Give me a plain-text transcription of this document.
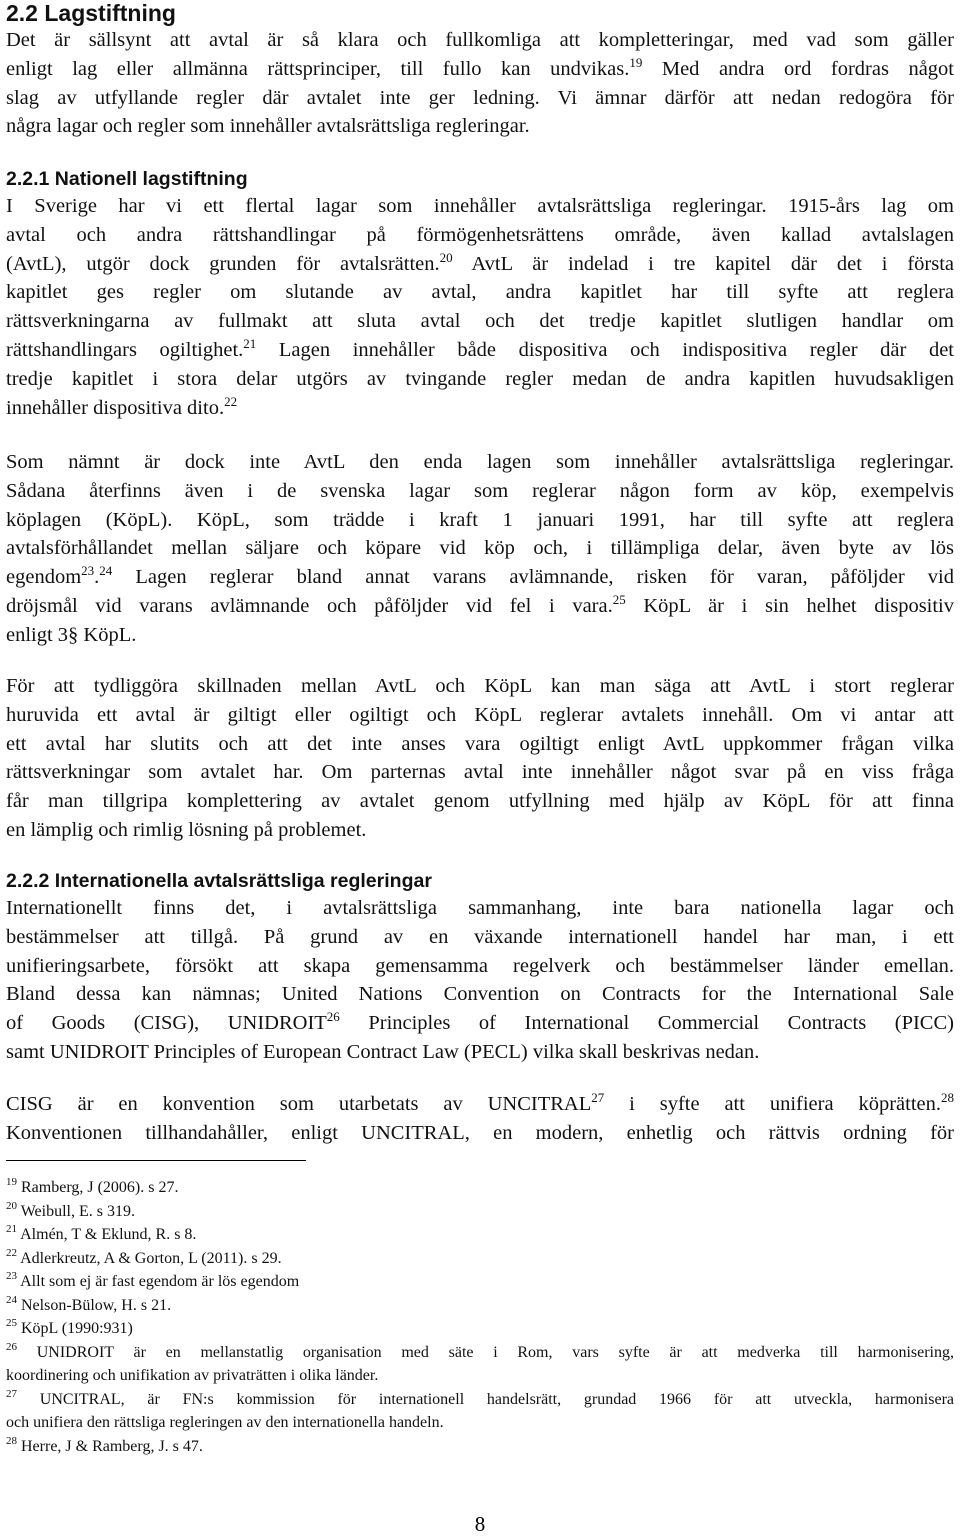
2.2 Lagstiftning
Det är sällsynt att avtal är så klara och fullkomliga att kompletteringar, med vad som gäller
enligt lag eller allmänna rättsprinciper, till fullo kan undvikas.$^{19}$ Med andra ord fordras något
slag av utfyllande regler där avtalet inte ger ledning. Vi ämnar därför att nedan redogöra för
några lagar och regler som innehåller avtalsrättsliga regleringar.
2.2.1 Nationell lagstiftning
I Sverige har vi ett flertal lagar som innehåller avtalsrättsliga regleringar. 1915-års lag om
avtal och andra rättshandlingar på förmögenhetsrättens område, även kallad avtalslagen
(AvtL), utgör dock grunden för avtalsrätten.$^{20}$ AvtL är indelad i tre kapitel där det i första
kapitlet ges regler om slutande av avtal, andra kapitlet har till syfte att reglera
rättsverkningarna av fullmakt att sluta avtal och det tredje kapitlet slutligen handlar om
rättshandlingars ogiltighet.$^{21}$ Lagen innehåller både dispositiva och indispositiva regler där det
tredje kapitlet i stora delar utgörs av tvingande regler medan de andra kapitlen huvudsakligen
innehåller dispositiva dito.$^{22}$
Som nämnt är dock inte AvtL den enda lagen som innehåller avtalsrättsliga regleringar.
Sådana återfinns även i de svenska lagar som reglerar någon form av köp, exempelvis
köplagen (KöpL). KöpL, som trädde i kraft 1 januari 1991, har till syfte att reglera
avtalsförhållandet mellan säljare och köpare vid köp och, i tillämpliga delar, även byte av lös
egendom$^{23}$.$^{24}$ Lagen reglerar bland annat varans avlämnande, risken för varan, påföljder vid
dröjsmål vid varans avlämnande och påföljder vid fel i vara.$^{25}$ KöpL är i sin helhet dispositiv
enligt 3§ KöpL.
För att tydliggöra skillnaden mellan AvtL och KöpL kan man säga att AvtL i stort reglerar
huruvida ett avtal är giltigt eller ogiltigt och KöpL reglerar avtalets innehåll. Om vi antar att
ett avtal har slutits och att det inte anses vara ogiltigt enligt AvtL uppkommer frågan vilka
rättsverkningar som avtalet har. Om parternas avtal inte innehåller något svar på en viss fråga
får man tillgripa komplettering av avtalet genom utfyllning med hjälp av KöpL för att finna
en lämplig och rimlig lösning på problemet.
2.2.2 Internationella avtalsrättsliga regleringar
Internationellt finns det, i avtalsrättsliga sammanhang, inte bara nationella lagar och
bestämmelser att tillgå. På grund av en växande internationell handel har man, i ett
unifieringsarbete, försökt att skapa gemensamma regelverk och bestämmelser länder emellan.
Bland dessa kan nämnas; United Nations Convention on Contracts for the International Sale
of Goods (CISG), UNIDROIT$^{26}$ Principles of International Commercial Contracts (PICC)
samt UNIDROIT Principles of European Contract Law (PECL) vilka skall beskrivas nedan.
CISG är en konvention som utarbetats av UNCITRAL$^{27}$ i syfte att unifiera köprätten.$^{28}$
Konventionen tillhandahåller, enligt UNCITRAL, en modern, enhetlig och rättvis ordning för
$^{19}$ Ramberg, J (2006). s 27.
$^{20}$ Weibull, E. s 319.
$^{21}$ Almén, T & Eklund, R. s 8.
$^{22}$ Adlerkreutz, A & Gorton, L (2011). s 29.
$^{23}$ Allt som ej är fast egendom är lös egendom
$^{24}$ Nelson-Bülow, H. s 21.
$^{25}$ KöpL (1990:931)
$^{26}$ UNIDROIT är en mellanstatlig organisation med säte i Rom, vars syfte är att medverka till harmonisering,
koordinering och unifikation av privaträtten i olika länder.
$^{27}$ UNCITRAL, är FN:s kommission för internationell handelsrätt, grundad 1966 för att utveckla, harmonisera
och unifiera den rättsliga regleringen av den internationella handeln.
$^{28}$ Herre, J & Ramberg, J. s 47.
8
